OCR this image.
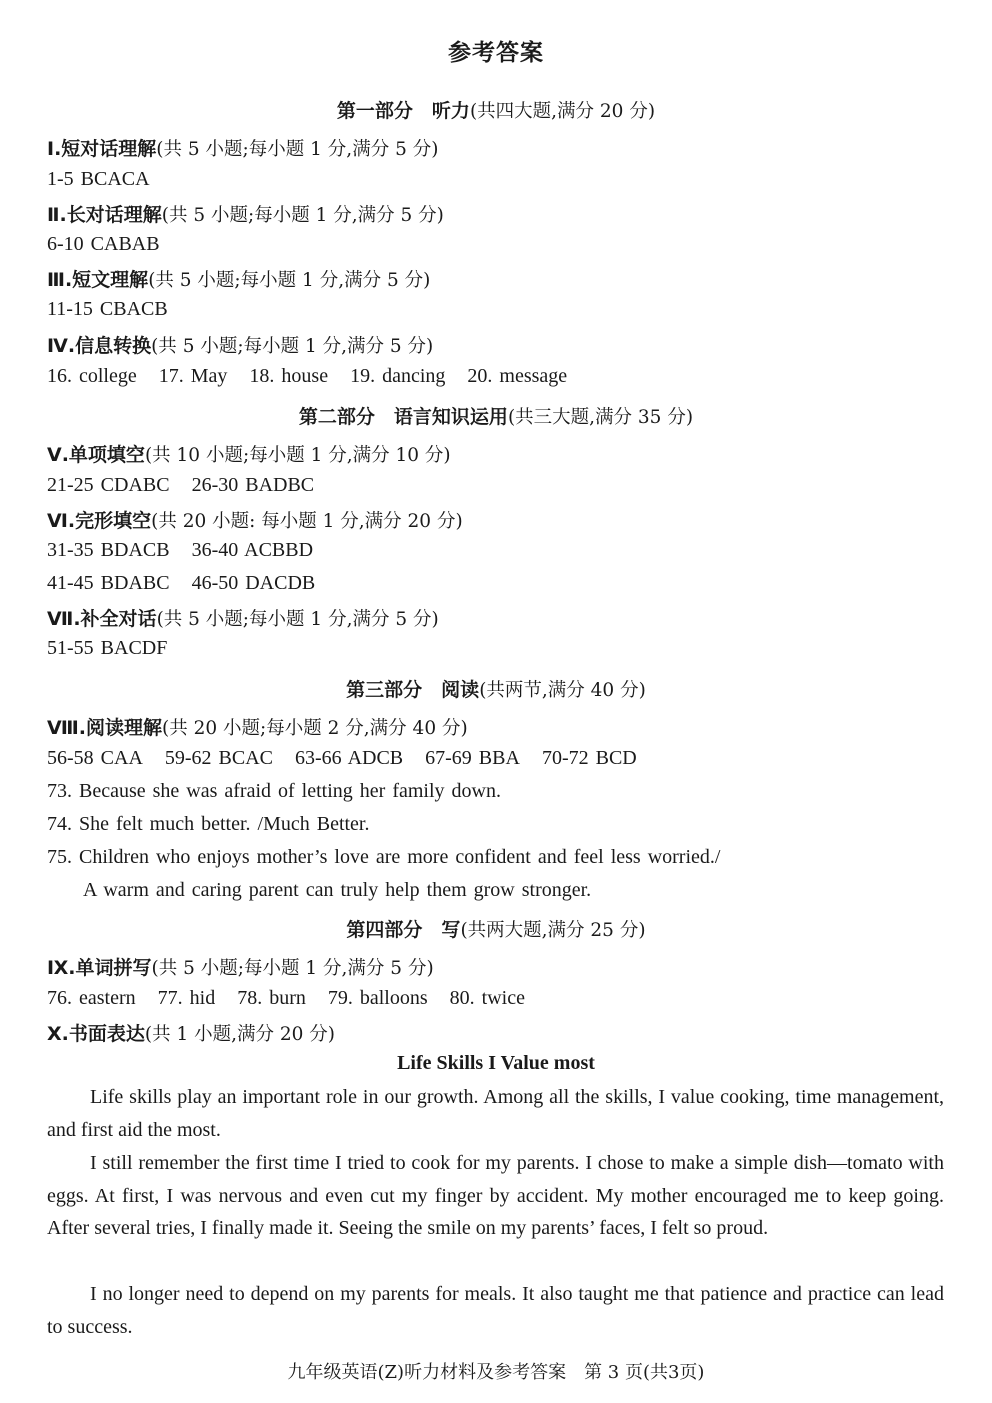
参考答案
第一部分　听力(共四大题,满分 20 分)
Ⅰ.短对话理解(共 5 小题;每小题 1 分,满分 5 分)
1-5 BCACA
Ⅱ.长对话理解(共 5 小题;每小题 1 分,满分 5 分)
6-10 CABAB
Ⅲ.短文理解(共 5 小题;每小题 1 分,满分 5 分)
11-15 CBACB
Ⅳ.信息转换(共 5 小题;每小题 1 分,满分 5 分)
16. college 17. May 18. house 19. dancing 20. message
第二部分　语言知识运用(共三大题,满分 35 分)
Ⅴ.单项填空(共 10 小题;每小题 1 分,满分 10 分)
21-25 CDABC 26-30 BADBC
Ⅵ.完形填空(共 20 小题: 每小题 1 分,满分 20 分)
31-35 BDACB 36-40 ACBBD
41-45 BDABC 46-50 DACDB
Ⅶ.补全对话(共 5 小题;每小题 1 分,满分 5 分)
51-55 BACDF
第三部分　阅读(共两节,满分 40 分)
Ⅷ.阅读理解(共 20 小题;每小题 2 分,满分 40 分)
56-58 CAA 59-62 BCAC 63-66 ADCB 67-69 BBA 70-72 BCD
73. Because she was afraid of letting her family down.
74. She felt much better. /Much Better.
75. Children who enjoys mother’s love are more confident and feel less worried./
A warm and caring parent can truly help them grow stronger.
第四部分　写(共两大题,满分 25 分)
Ⅸ.单词拼写(共 5 小题;每小题 1 分,满分 5 分)
76. eastern 77. hid 78. burn 79. balloons 80. twice
Ⅹ.书面表达(共 1 小题,满分 20 分)
Life Skills I Value most
Life skills play an important role in our growth. Among all the skills, I value cooking, time management, and first aid the most.
I still remember the first time I tried to cook for my parents. I chose to make a simple dish—tomato with eggs. At first, I was nervous and even cut my finger by accident. My mother encouraged me to keep going. After several tries, I finally made it. Seeing the smile on my parents’ faces, I felt so proud.
I no longer need to depend on my parents for meals. It also taught me that patience and practice can lead to success.
九年级英语(Z)听力材料及参考答案　第 3 页(共3页)
